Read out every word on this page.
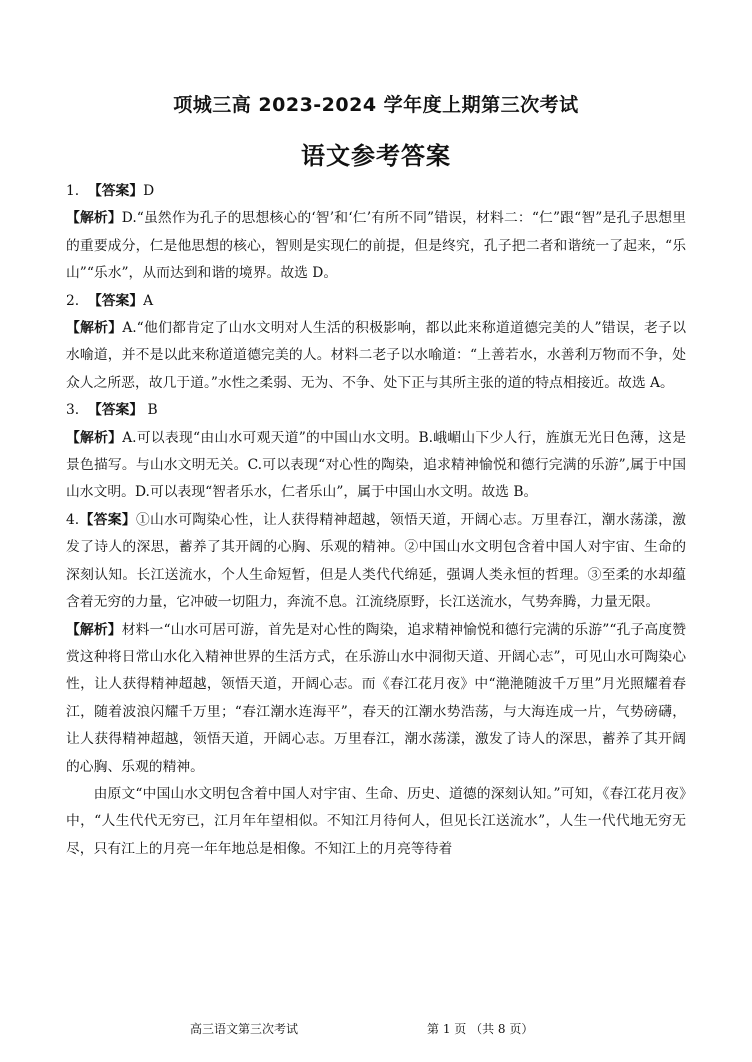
项城三高 2023-2024 学年度上期第三次考试
语文参考答案

1. 【答案】D

【解析】D.“虽然作为孔子的思想核心的‘智’和‘仁’有所不同”错误，材料二：“仁”跟“智”是孔子思想里的重要成分，仁是他思想的核心，智则是实现仁的前提，但是终究，孔子把二者和谐统一了起来，“乐山”“乐水”，从而达到和谐的境界。故选 D。

2. 【答案】A

【解析】A.“他们都肯定了山水文明对人生活的积极影响，都以此来称道道德完美的人”错误，老子以水喻道，并不是以此来称道道德完美的人。材料二老子以水喻道：“上善若水，水善利万物而不争，处众人之所恶，故几于道。”水性之柔弱、无为、不争、处下正与其所主张的道的特点相接近。故选 A。

3. 【答案】 B

【解析】A.可以表现“由山水可观天道”的中国山水文明。B.峨嵋山下少人行，旌旗无光日色薄，这是景色描写。与山水文明无关。C.可以表现“对心性的陶染，追求精神愉悦和德行完满的乐游”,属于中国山水文明。D.可以表现“智者乐水，仁者乐山”，属于中国山水文明。故选 B。

4.【答案】①山水可陶染心性，让人获得精神超越，领悟天道，开阔心志。万里春江，潮水荡漾，激发了诗人的深思，蓄养了其开阔的心胸、乐观的精神。②中国山水文明包含着中国人对宇宙、生命的深刻认知。长江送流水，个人生命短暂，但是人类代代绵延，强调人类永恒的哲理。③至柔的水却蕴含着无穷的力量，它冲破一切阻力，奔流不息。江流绕原野，长江送流水，气势奔腾，力量无限。

【解析】材料一“山水可居可游，首先是对心性的陶染，追求精神愉悦和德行完满的乐游”“孔子高度赞赏这种将日常山水化入精神世界的生活方式，在乐游山水中洞彻天道、开阔心志”，可见山水可陶染心性，让人获得精神超越，领悟天道，开阔心志。而《春江花月夜》中“滟滟随波千万里”月光照耀着春江，随着波浪闪耀千万里；“春江潮水连海平”，春天的江潮水势浩荡，与大海连成一片，气势磅礴，让人获得精神超越，领悟天道，开阔心志。万里春江，潮水荡漾，激发了诗人的深思，蓄养了其开阔的心胸、乐观的精神。

由原文“中国山水文明包含着中国人对宇宙、生命、历史、道德的深刻认知。”可知，《春江花月夜》中，“人生代代无穷已，江月年年望相似。不知江月待何人，但见长江送流水”，人生一代代地无穷无尽，只有江上的月亮一年年地总是相像。不知江上的月亮等待着

高三语文第三次考试	第 1 页 （共 8 页）
